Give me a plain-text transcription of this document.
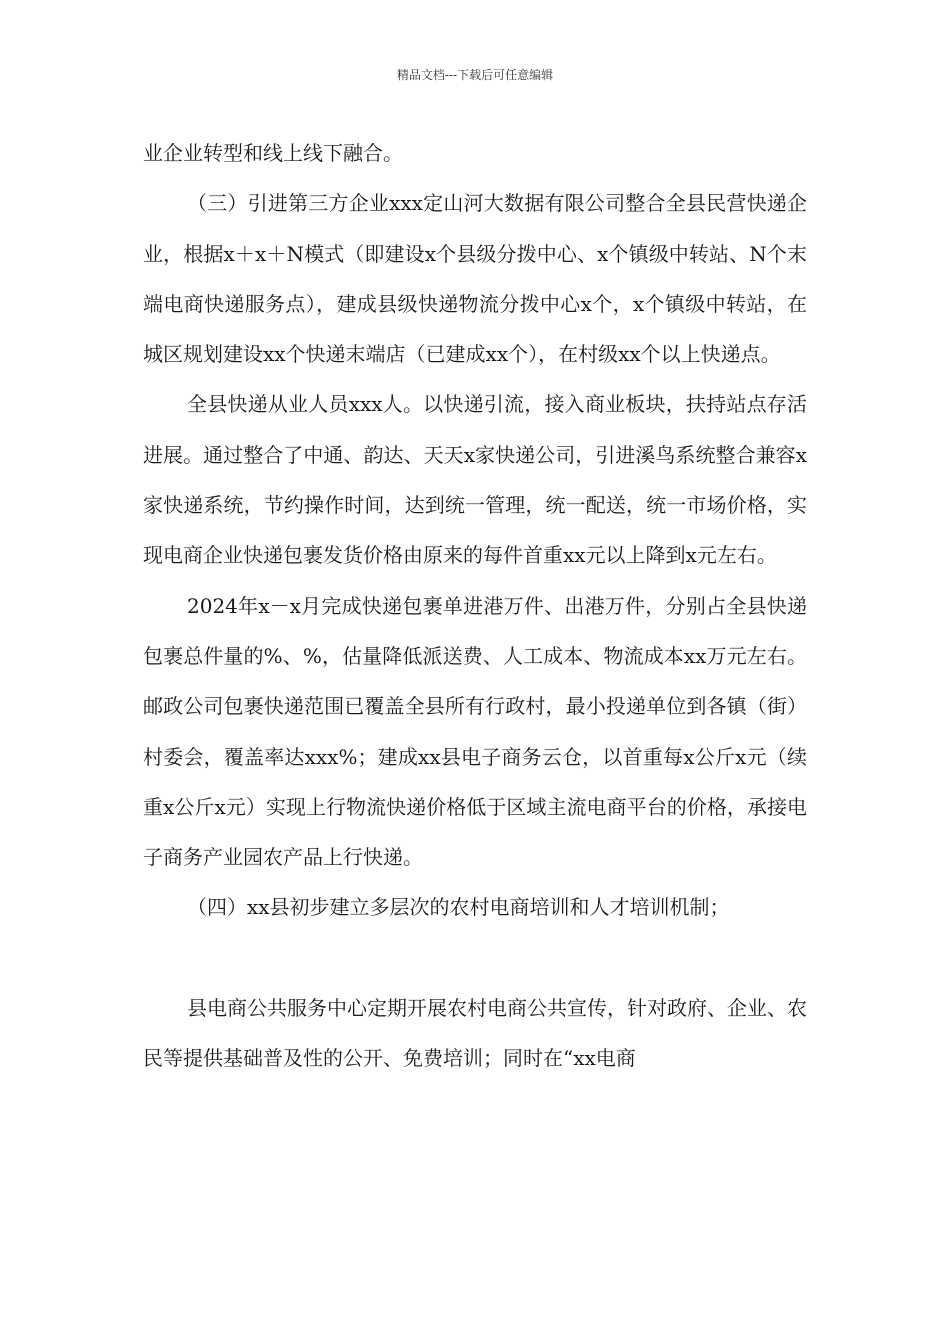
精品文档---下载后可任意编辑

业企业转型和线上线下融合。

（三）引进第三方企业xxx定山河大数据有限公司整合全县民营快递企业，根据x＋x＋N模式（即建设x个县级分拨中心、x个镇级中转站、N个末端电商快递服务点），建成县级快递物流分拨中心x个，x个镇级中转站，在城区规划建设xx个快递末端店（已建成xx个），在村级xx个以上快递点。

全县快递从业人员xxx人。以快递引流，接入商业板块，扶持站点存活进展。通过整合了中通、韵达、天天x家快递公司，引进溪鸟系统整合兼容x家快递系统，节约操作时间，达到统一管理，统一配送，统一市场价格，实现电商企业快递包裹发货价格由原来的每件首重xx元以上降到x元左右。

2024年x－x月完成快递包裹单进港万件、出港万件，分别占全县快递包裹总件量的%、%，估量降低派送费、人工成本、物流成本xx万元左右。邮政公司包裹快递范围已覆盖全县所有行政村，最小投递单位到各镇（街）村委会，覆盖率达xxx%；建成xx县电子商务云仓，以首重每x公斤x元（续重x公斤x元）实现上行物流快递价格低于区域主流电商平台的价格，承接电子商务产业园农产品上行快递。

（四）xx县初步建立多层次的农村电商培训和人才培训机制；

县电商公共服务中心定期开展农村电商公共宣传，针对政府、企业、农民等提供基础普及性的公开、免费培训；同时在“xx电商
